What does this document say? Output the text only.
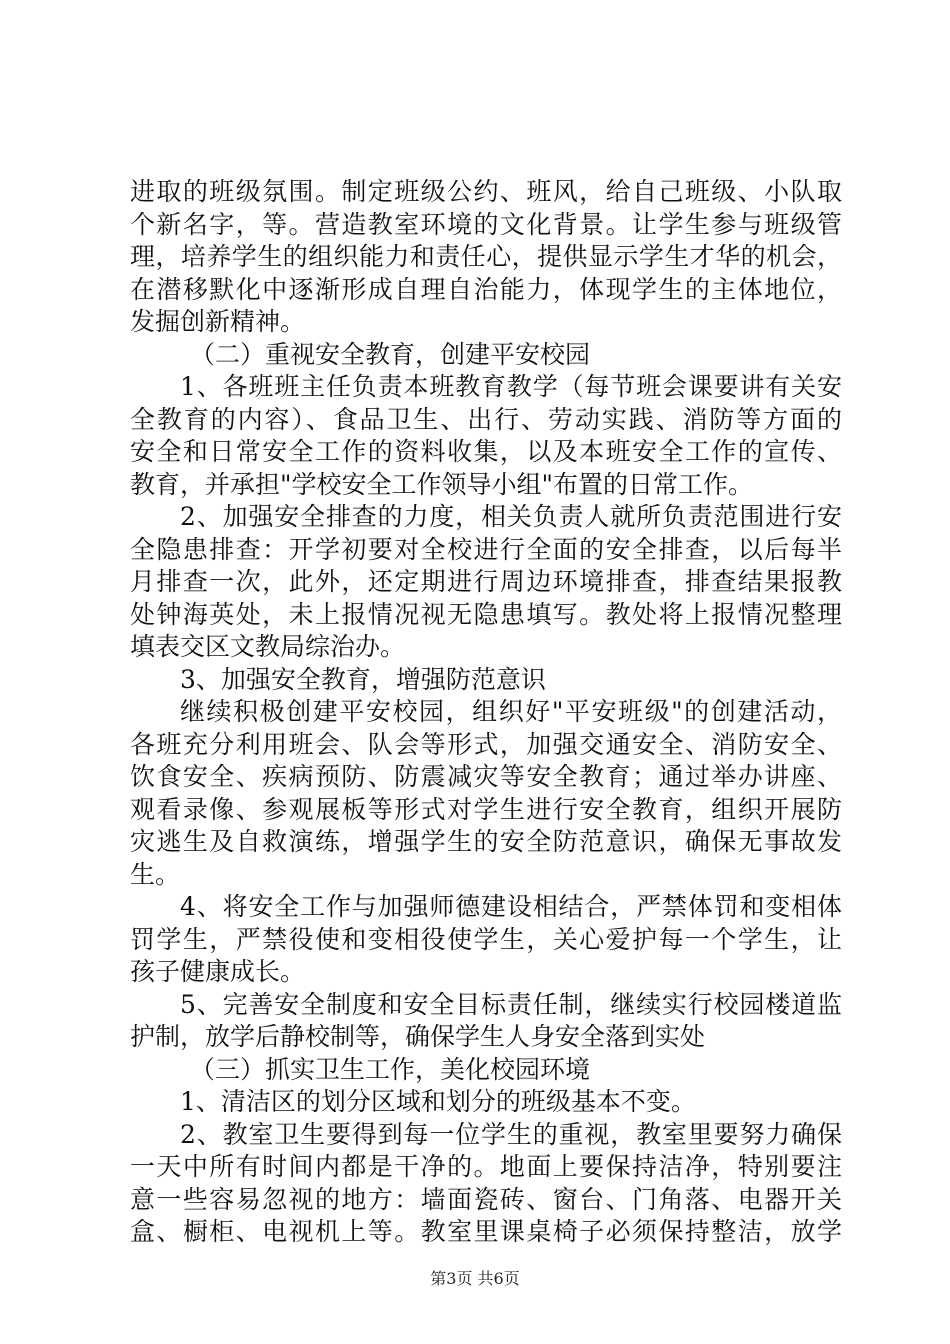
进取的班级氛围。制定班级公约、班风，给自己班级、小队取
个新名字，等。营造教室环境的文化背景。让学生参与班级管
理，培养学生的组织能力和责任心，提供显示学生才华的机会，
在潜移默化中逐渐形成自理自治能力，体现学生的主体地位，
发掘创新精神。
（二）重视安全教育，创建平安校园
1、各班班主任负责本班教育教学（每节班会课要讲有关安
全教育的内容）、食品卫生、出行、劳动实践、消防等方面的
安全和日常安全工作的资料收集，以及本班安全工作的宣传、
教育，并承担"学校安全工作领导小组"布置的日常工作。
2、加强安全排查的力度，相关负责人就所负责范围进行安
全隐患排查：开学初要对全校进行全面的安全排查，以后每半
月排查一次，此外，还定期进行周边环境排查，排查结果报教
处钟海英处，未上报情况视无隐患填写。教处将上报情况整理
填表交区文教局综治办。
3、加强安全教育，增强防范意识
继续积极创建平安校园，组织好"平安班级"的创建活动，
各班充分利用班会、队会等形式，加强交通安全、消防安全、
饮食安全、疾病预防、防震减灾等安全教育；通过举办讲座、
观看录像、参观展板等形式对学生进行安全教育，组织开展防
灾逃生及自救演练，增强学生的安全防范意识，确保无事故发
生。
4、将安全工作与加强师德建设相结合，严禁体罚和变相体
罚学生，严禁役使和变相役使学生，关心爱护每一个学生，让
孩子健康成长。
5、完善安全制度和安全目标责任制，继续实行校园楼道监
护制，放学后静校制等，确保学生人身安全落到实处
（三）抓实卫生工作，美化校园环境
1、清洁区的划分区域和划分的班级基本不变。
2、教室卫生要得到每一位学生的重视，教室里要努力确保
一天中所有时间内都是干净的。地面上要保持洁净，特别要注
意一些容易忽视的地方：墙面瓷砖、窗台、门角落、电器开关
盒、橱柜、电视机上等。教室里课桌椅子必须保持整洁，放学
第3页 共6页
